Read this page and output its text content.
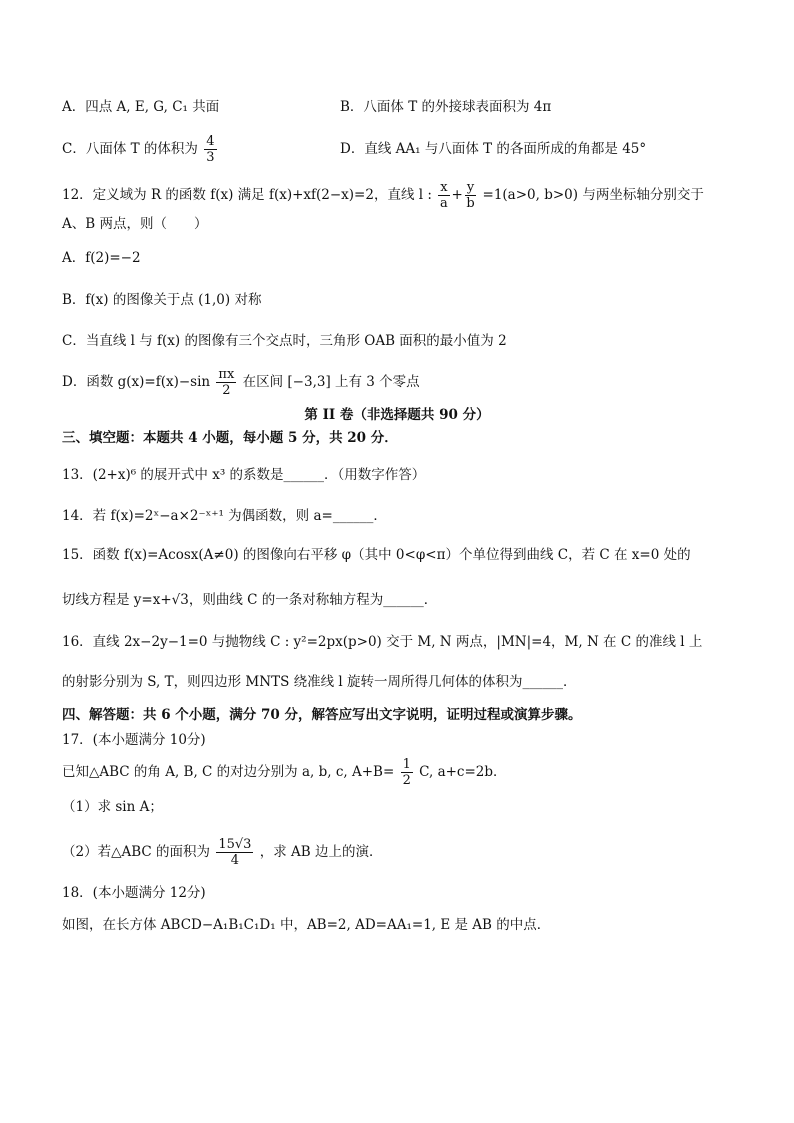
A．四点 A, E, G, C₁ 共面	B．八面体 T 的外接球表面积为 4π
C．八面体 T 的体积为 $\frac{4}{3}$	D．直线 AA₁ 与八面体 T 的各面所成的角都是 45°
12．定义域为 R 的函数 f(x) 满足 f(x)+xf(2−x)=2，直线 l : $\frac{x}{a} + \frac{y}{b} =1(a>0$, b>0) 与两坐标轴分别交于
A、B 两点，则（　　）
A．f(2)=−2
B．f(x) 的图像关于点 (1,0) 对称
C．当直线 l 与 f(x) 的图像有三个交点时，三角形 OAB 面积的最小值为 2
D．函数 $g(x)=f(x)-\sin \frac{\pi x}{2}$ 在区间 [−3,3] 上有 3 个零点
第 II 卷（非选择题共 90 分）
三、填空题：本题共 4 小题，每小题 5 分，共 20 分．
13．(2+x)⁶ 的展开式中 x³ 的系数是______．（用数字作答）
14．若 f(x)=2ˣ−a×2⁻ˣ⁺¹ 为偶函数，则 a=______．
15．函数 f(x)=Acosx(A≠0) 的图像向右平移 φ（其中 0<φ<π）个单位得到曲线 C，若 C 在 x=0 处的
切线方程是 y=x+√3，则曲线 C 的一条对称轴方程为______．
16．直线 2x−2y−1=0 与抛物线 C : y²=2px(p>0) 交于 M, N 两点，|MN|=4，M, N 在 C 的准线 l 上
的射影分别为 S, T，则四边形 MNTS 绕准线 l 旋转一周所得几何体的体积为______．
四、解答题：共 6 个小题，满分 70 分，解答应写出文字说明，证明过程或演算步骤。
17．(本小题满分 10分)
已知△ABC 的角 A, B, C 的对边分别为 a, b, c, $A+B= \frac{1}{2} C$, a+c=2b．
（1）求 sin A；
（2）若△ABC 的面积为 $\frac{15√3}{4}$ ，求 AB 边上的演．
18．(本小题满分 12分)
如图，在长方体 ABCD−A₁B₁C₁D₁ 中，AB=2, AD=AA₁=1, E 是 AB 的中点．
